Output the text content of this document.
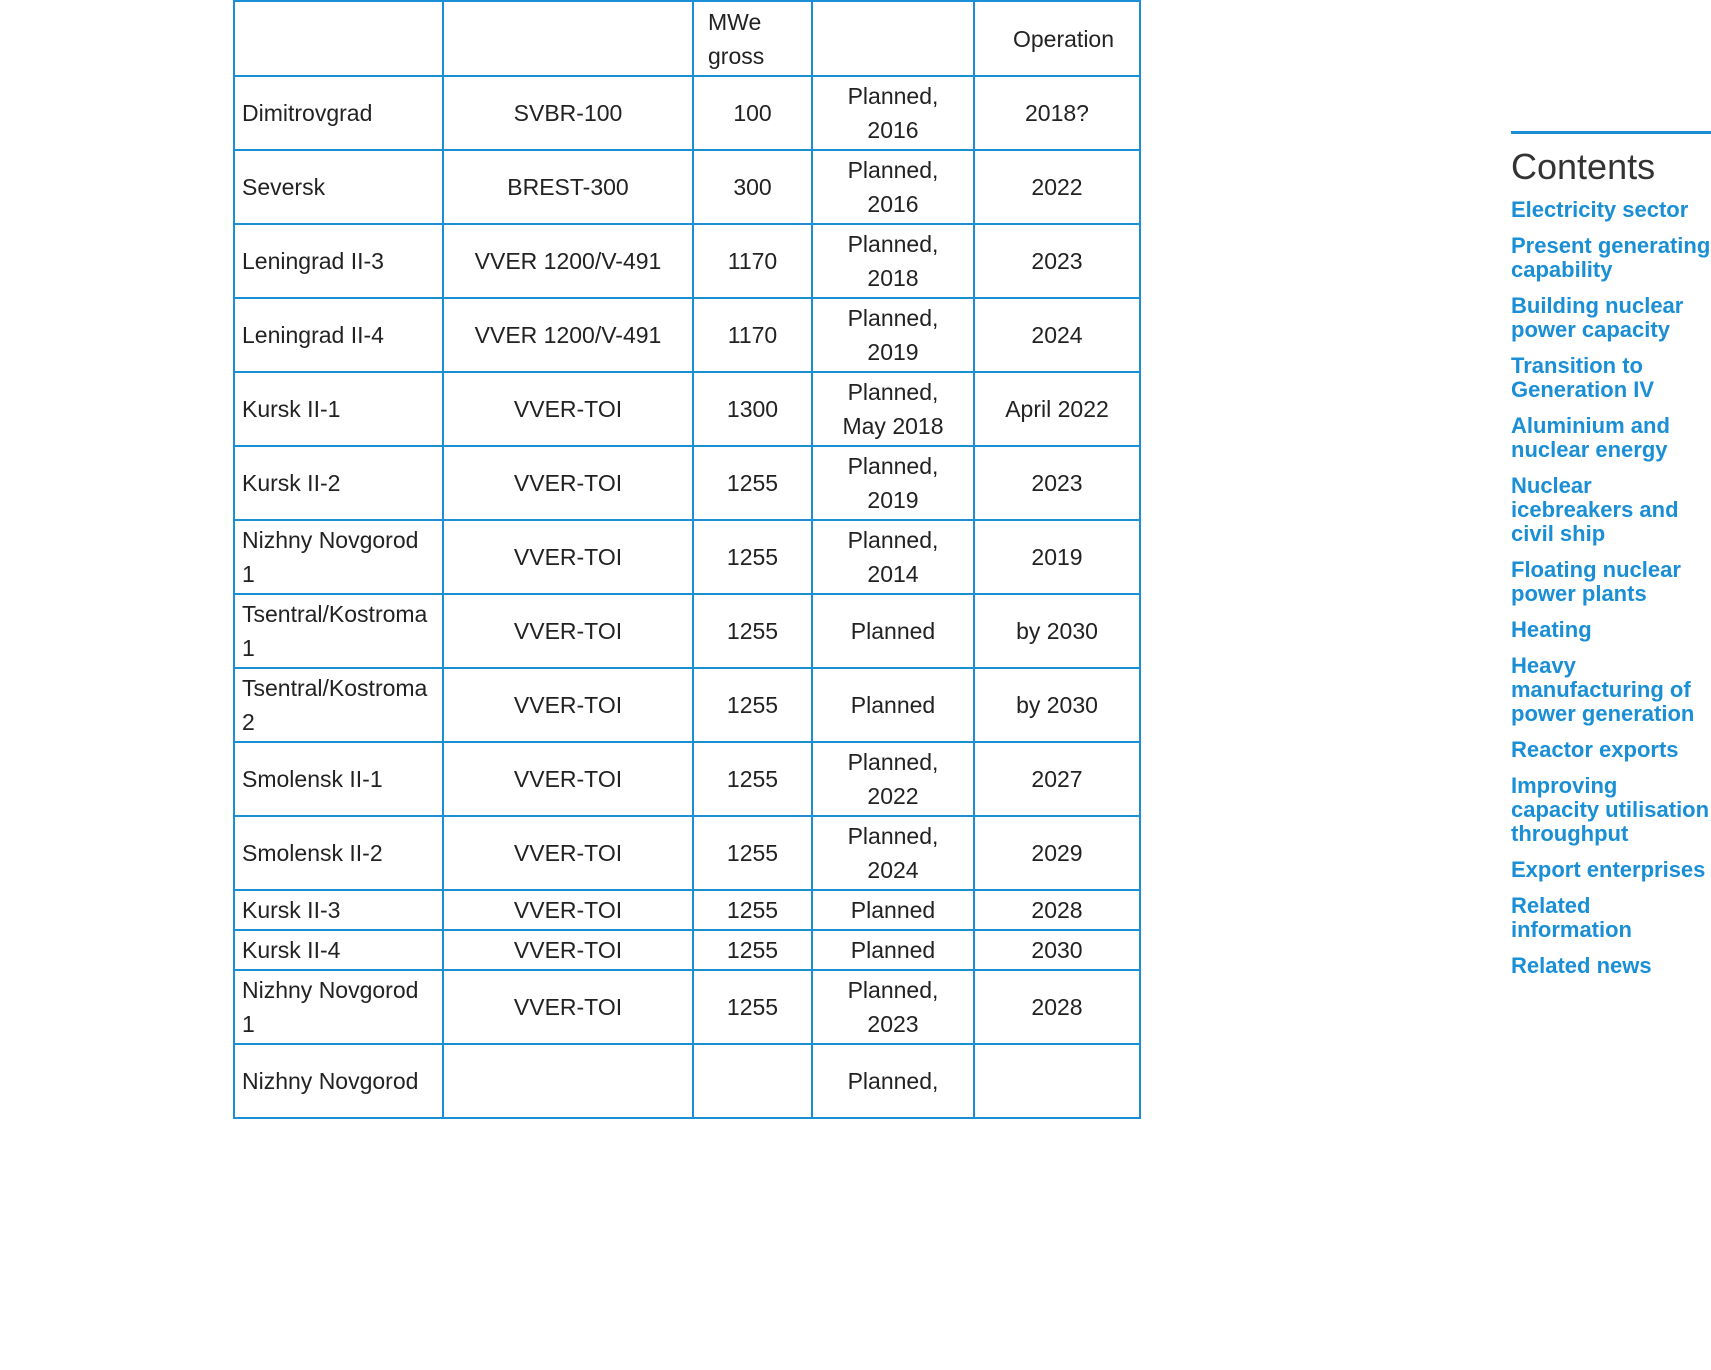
		MWe
gross		Operation
Dimitrovgrad	SVBR-100	100	Planned,
2016	2018?
Seversk	BREST-300	300	Planned,
2016	2022
Leningrad II-3	VVER 1200/V-491	1170	Planned,
2018	2023
Leningrad II-4	VVER 1200/V-491	1170	Planned,
2019	2024
Kursk II-1	VVER-TOI	1300	Planned,
May 2018	April 2022
Kursk II-2	VVER-TOI	1255	Planned,
2019	2023
Nizhny Novgorod
1	VVER-TOI	1255	Planned,
2014	2019
Tsentral/Kostroma
1	VVER-TOI	1255	Planned	by 2030
Tsentral/Kostroma
2	VVER-TOI	1255	Planned	by 2030
Smolensk II-1	VVER-TOI	1255	Planned,
2022	2027
Smolensk II-2	VVER-TOI	1255	Planned,
2024	2029
Kursk II-3	VVER-TOI	1255	Planned	2028
Kursk II-4	VVER-TOI	1255	Planned	2030
Nizhny Novgorod
1	VVER-TOI	1255	Planned,
2023	2028
Nizhny Novgorod			Planned,

Contents
Electricity sector
Present generating capability
Building nuclear power capacity
Transition to Generation IV
Aluminium and nuclear energy
Nuclear icebreakers and civil ship
Floating nuclear power plants
Heating
Heavy manufacturing of power generation
Reactor exports
Improving capacity utilisation throughput
Export enterprises
Related information
Related news
